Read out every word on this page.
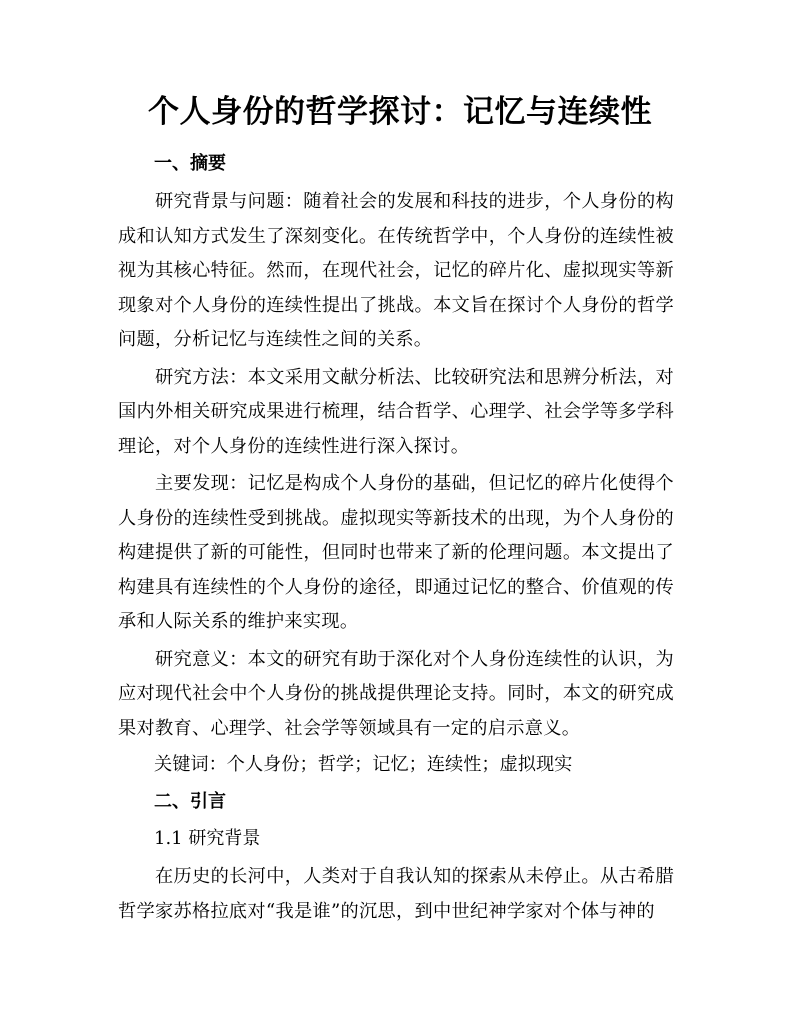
个人身份的哲学探讨：记忆与连续性
一、摘要

研究背景与问题：随着社会的发展和科技的进步，个人身份的构成和认知方式发生了深刻变化。在传统哲学中，个人身份的连续性被视为其核心特征。然而，在现代社会，记忆的碎片化、虚拟现实等新现象对个人身份的连续性提出了挑战。本文旨在探讨个人身份的哲学问题，分析记忆与连续性之间的关系。

研究方法：本文采用文献分析法、比较研究法和思辨分析法，对国内外相关研究成果进行梳理，结合哲学、心理学、社会学等多学科理论，对个人身份的连续性进行深入探讨。

主要发现：记忆是构成个人身份的基础，但记忆的碎片化使得个人身份的连续性受到挑战。虚拟现实等新技术的出现，为个人身份的构建提供了新的可能性，但同时也带来了新的伦理问题。本文提出了构建具有连续性的个人身份的途径，即通过记忆的整合、价值观的传承和人际关系的维护来实现。

研究意义：本文的研究有助于深化对个人身份连续性的认识，为应对现代社会中个人身份的挑战提供理论支持。同时，本文的研究成果对教育、心理学、社会学等领域具有一定的启示意义。

关键词：个人身份；哲学；记忆；连续性；虚拟现实
二、引言
1.1 研究背景

在历史的长河中，人类对于自我认知的探索从未停止。从古希腊哲学家苏格拉底对“我是谁”的沉思，到中世纪神学家对个体与神的
